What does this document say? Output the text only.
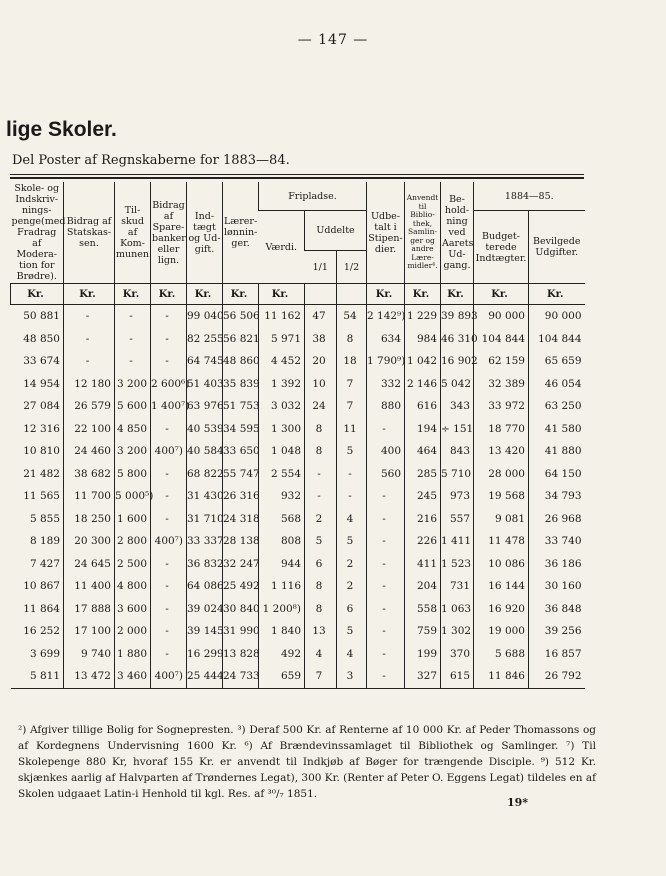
— 147 —
lige Skoler.
Del Poster af Regnskaberne for 1883—84.
Skole- og Indskriv-nings-penge(med Fradrag af Modera-tion for Brødre).	Bidrag af Statskas-sen.	Til-skud af Kom-munen.	Bidrag af Spare-banker eller lign.	Ind-tægt og Ud-gift.	Lærer-lønnin-ger.	Fripladse.			Udbe-talt i Stipen-dier.	Anvendt til Biblio-thek, Samlin-ger og andre Lære-midler⁴.	Be-hold-ning ved Aarets Ud-gang.	1884—85.	
						Værdi.	Uddelte					Budget-terede Indtægter.	Bevilgede Udgifter.
							1/1	1/2					
Kr.	Kr.	Kr.	Kr.	Kr.	Kr.	Kr.			Kr.	Kr.	Kr.	Kr.	Kr.
50 881	-	-	-	99 040	56 506	11 162	47	54	2 142⁹)	1 229	39 893	90 000	90 000
48 850	-	-	-	82 255	56 821	5 971	38	8	634	984	46 310	104 844	104 844
33 674	-	-	-	64 745	48 860	4 452	20	18	1 790⁹)	1 042	16 902	62 159	65 659
14 954	12 180	3 200	2 600⁶)	51 403	35 839	1 392	10	7	332	2 146	5 042	32 389	46 054
27 084	26 579	5 600	1 400⁷)	63 976	51 753	3 032	24	7	880	616	343	33 972	63 250
12 316	22 100	4 850	-	40 539	34 595	1 300	8	11	-	194	÷ 151	18 770	41 580
10 810	24 460	3 200	400⁷)	40 584	33 650	1 048	8	5	400	464	843	13 420	41 880
21 482	38 682	5 800	-	68 822	55 747	2 554	-	-	560	285	5 710	28 000	64 150
11 565	11 700	5 000⁵)	-	31 430	26 316	932	-	-	-	245	973	19 568	34 793
5 855	18 250	1 600	-	31 710	24 318	568	2	4	-	216	557	9 081	26 968
8 189	20 300	2 800	400⁷)	33 337	28 138	808	5	5	-	226	1 411	11 478	33 740
7 427	24 645	2 500	-	36 832	32 247	944	6	2	-	411	1 523	10 086	36 186
10 867	11 400	4 800	-	64 086	25 492	1 116	8	2	-	204	731	16 144	30 160
11 864	17 888	3 600	-	39 024	30 840	1 200⁸)	8	6	-	558	1 063	16 920	36 848
16 252	17 100	2 000	-	39 145	31 990	1 840	13	5	-	759	1 302	19 000	39 256
3 699	9 740	1 880	-	16 299	13 828	492	4	4	-	199	370	5 688	16 857
5 811	13 472	3 460	400⁷)	25 444	24 733	659	7	3	-	327	615	11 846	26 792

²) Afgiver tillige Bolig for Sognepresten. ³) Deraf 500 Kr. af Renterne af 10 000 Kr. af Peder Thomassons og af Kordegnens Undervisning 1600 Kr. ⁶) Af Brændevinssamlaget til Bibliothek og Samlinger. ⁷) Til Skolepenge 880 Kr, hvoraf 155 Kr. er anvendt til Indkjøb af Bøger for trængende Disciple. ⁹) 512 Kr. skjænkes aarlig af Halvparten af Trøndernes Legat), 300 Kr. (Renter af Peter O. Eggens Legat) tildeles en af Skolen udgaaet Latin-i Henhold til kgl. Res. af ³⁰/₇ 1851.

19*
